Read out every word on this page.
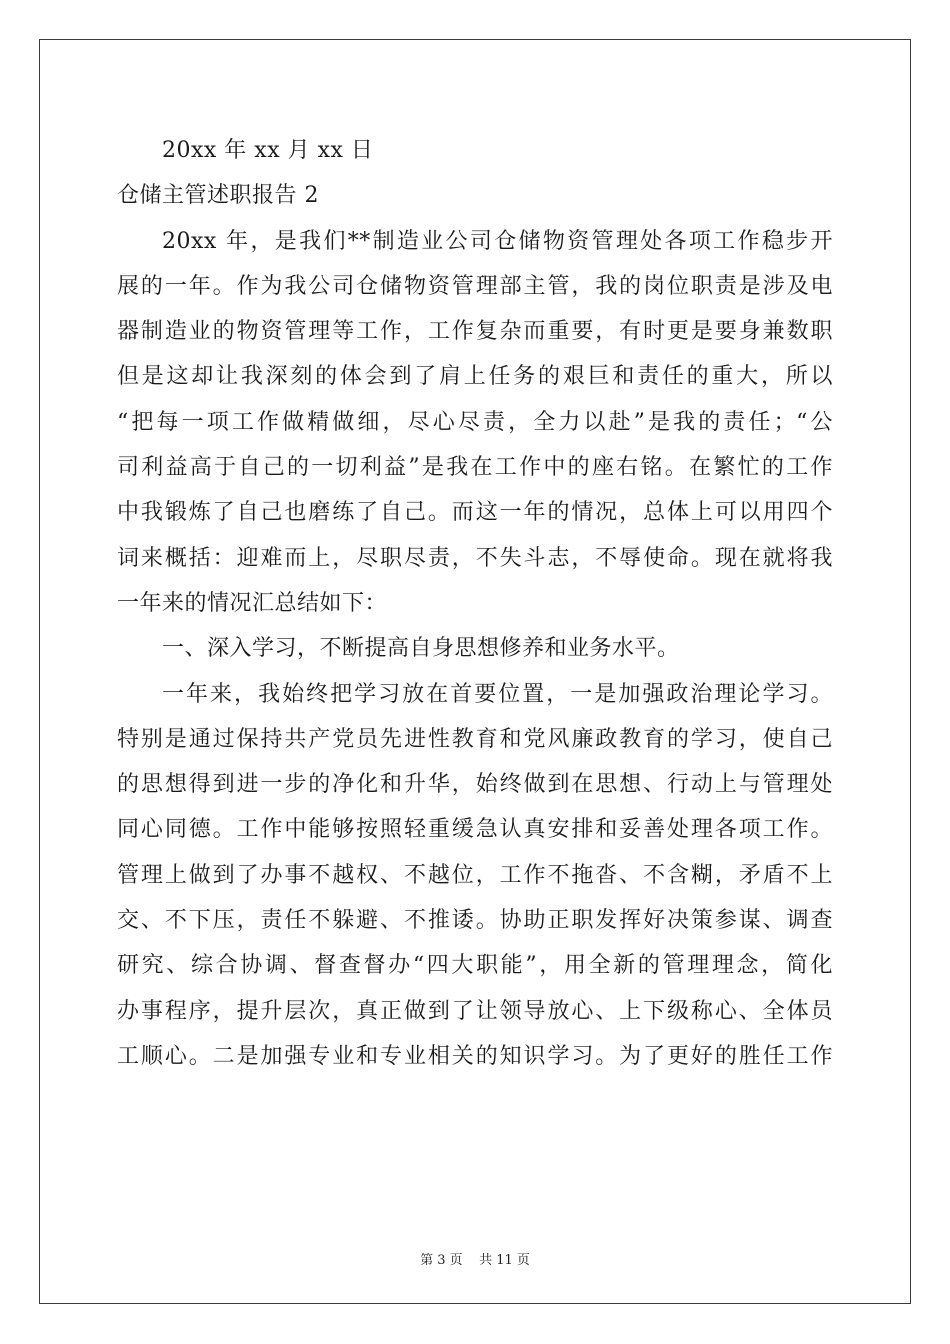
20xx 年 xx 月 xx 日
仓储主管述职报告 2
20xx 年，是我们**制造业公司仓储物资管理处各项工作稳步开
展的一年。作为我公司仓储物资管理部主管，我的岗位职责是涉及电
器制造业的物资管理等工作，工作复杂而重要，有时更是要身兼数职
但是这却让我深刻的体会到了肩上任务的艰巨和责任的重大，所以
“把每一项工作做精做细，尽心尽责，全力以赴”是我的责任；“公
司利益高于自己的一切利益”是我在工作中的座右铭。在繁忙的工作
中我锻炼了自己也磨练了自己。而这一年的情况，总体上可以用四个
词来概括：迎难而上，尽职尽责，不失斗志，不辱使命。现在就将我
一年来的情况汇总结如下：
一、深入学习，不断提高自身思想修养和业务水平。
一年来，我始终把学习放在首要位置，一是加强政治理论学习。
特别是通过保持共产党员先进性教育和党风廉政教育的学习，使自己
的思想得到进一步的净化和升华，始终做到在思想、行动上与管理处
同心同德。工作中能够按照轻重缓急认真安排和妥善处理各项工作。
管理上做到了办事不越权、不越位，工作不拖沓、不含糊，矛盾不上
交、不下压，责任不躲避、不推诿。协助正职发挥好决策参谋、调查
研究、综合协调、督查督办“四大职能”，用全新的管理理念，简化
办事程序，提升层次，真正做到了让领导放心、上下级称心、全体员
工顺心。二是加强专业和专业相关的知识学习。为了更好的胜任工作
第 3 页    共 11 页
